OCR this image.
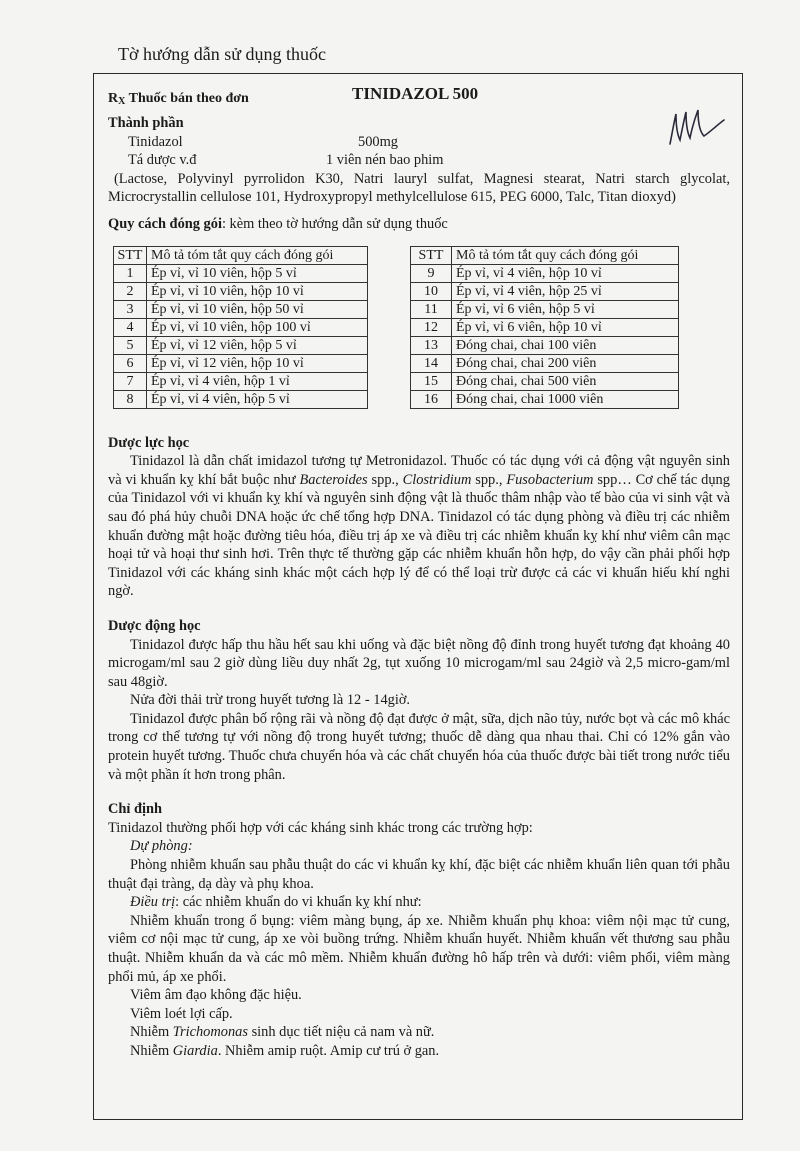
Tờ hướng dẫn sử dụng thuốc
RX Thuốc bán theo đơn	TINIDAZOL 500
Thành phần
Tinidazol	500mg
Tá dược v.đ	1 viên nén bao phim
(Lactose, Polyvinyl pyrrolidon K30, Natri lauryl sulfat, Magnesi stearat, Natri starch glycolat, Microcrystallin cellulose 101, Hydroxypropyl methylcellulose 615, PEG 6000, Talc, Titan dioxyd)
Quy cách đóng gói: kèm theo tờ hướng dẫn sử dụng thuốc
STT	Mô tả tóm tắt quy cách đóng gói
1	Ép vỉ, vỉ 10 viên, hộp 5 vỉ
2	Ép vỉ, vỉ 10 viên, hộp 10 vỉ
3	Ép vỉ, vỉ 10 viên, hộp 50 vỉ
4	Ép vỉ, vỉ 10 viên, hộp 100 vỉ
5	Ép vỉ, vỉ 12 viên, hộp 5 vỉ
6	Ép vỉ, vỉ 12 viên, hộp 10 vỉ
7	Ép vỉ, vỉ 4 viên, hộp 1 vỉ
8	Ép vỉ, vỉ 4 viên, hộp 5 vỉ
STT	Mô tả tóm tắt quy cách đóng gói
9	Ép vỉ, vỉ 4 viên, hộp 10 vỉ
10	Ép vỉ, vỉ 4 viên, hộp 25 vỉ
11	Ép vỉ, vỉ 6 viên, hộp 5 vỉ
12	Ép vỉ, vỉ 6 viên, hộp 10 vỉ
13	Đóng chai, chai 100 viên
14	Đóng chai, chai 200 viên
15	Đóng chai, chai 500 viên
16	Đóng chai, chai 1000 viên
Dược lực học
Tinidazol là dẫn chất imidazol tương tự Metronidazol. Thuốc có tác dụng với cả động vật nguyên sinh và vi khuẩn kỵ khí bắt buộc như Bacteroides spp., Clostridium spp., Fusobacterium spp… Cơ chế tác dụng của Tinidazol với vi khuẩn kỵ khí và nguyên sinh động vật là thuốc thâm nhập vào tế bào của vi sinh vật và sau đó phá hủy chuỗi DNA hoặc ức chế tổng hợp DNA. Tinidazol có tác dụng phòng và điều trị các nhiễm khuẩn đường mật hoặc đường tiêu hóa, điều trị áp xe và điều trị các nhiễm khuẩn kỵ khí như viêm cân mạc hoại tử và hoại thư sinh hơi. Trên thực tế thường gặp các nhiễm khuẩn hỗn hợp, do vậy cần phải phối hợp Tinidazol với các kháng sinh khác một cách hợp lý để có thể loại trừ được cả các vi khuẩn hiếu khí nghi ngờ.
Dược động học
Tinidazol được hấp thu hầu hết sau khi uống và đặc biệt nồng độ đỉnh trong huyết tương đạt khoảng 40 microgam/ml sau 2 giờ dùng liều duy nhất 2g, tụt xuống 10 microgam/ml sau 24giờ và 2,5 micro-gam/ml sau 48giờ.
Nửa đời thải trừ trong huyết tương là 12 - 14giờ.
Tinidazol được phân bố rộng rãi và nồng độ đạt được ở mật, sữa, dịch não tủy, nước bọt và các mô khác trong cơ thể tương tự với nồng độ trong huyết tương; thuốc dễ dàng qua nhau thai. Chỉ có 12% gắn vào protein huyết tương. Thuốc chưa chuyển hóa và các chất chuyển hóa của thuốc được bài tiết trong nước tiểu và một phần ít hơn trong phân.
Chỉ định
Tinidazol thường phối hợp với các kháng sinh khác trong các trường hợp:
Dự phòng:
Phòng nhiễm khuẩn sau phẫu thuật do các vi khuẩn kỵ khí, đặc biệt các nhiễm khuẩn liên quan tới phẫu thuật đại tràng, dạ dày và phụ khoa.
Điều trị: các nhiễm khuẩn do vi khuẩn kỵ khí như:
Nhiễm khuẩn trong ổ bụng: viêm màng bụng, áp xe. Nhiễm khuẩn phụ khoa: viêm nội mạc tử cung, viêm cơ nội mạc tử cung, áp xe vòi buồng trứng. Nhiễm khuẩn huyết. Nhiễm khuẩn vết thương sau phẫu thuật. Nhiễm khuẩn da và các mô mềm. Nhiễm khuẩn đường hô hấp trên và dưới: viêm phổi, viêm màng phổi mủ, áp xe phổi.
Viêm âm đạo không đặc hiệu.
Viêm loét lợi cấp.
Nhiễm Trichomonas sinh dục tiết niệu cả nam và nữ.
Nhiễm Giardia. Nhiễm amip ruột. Amip cư trú ở gan.
